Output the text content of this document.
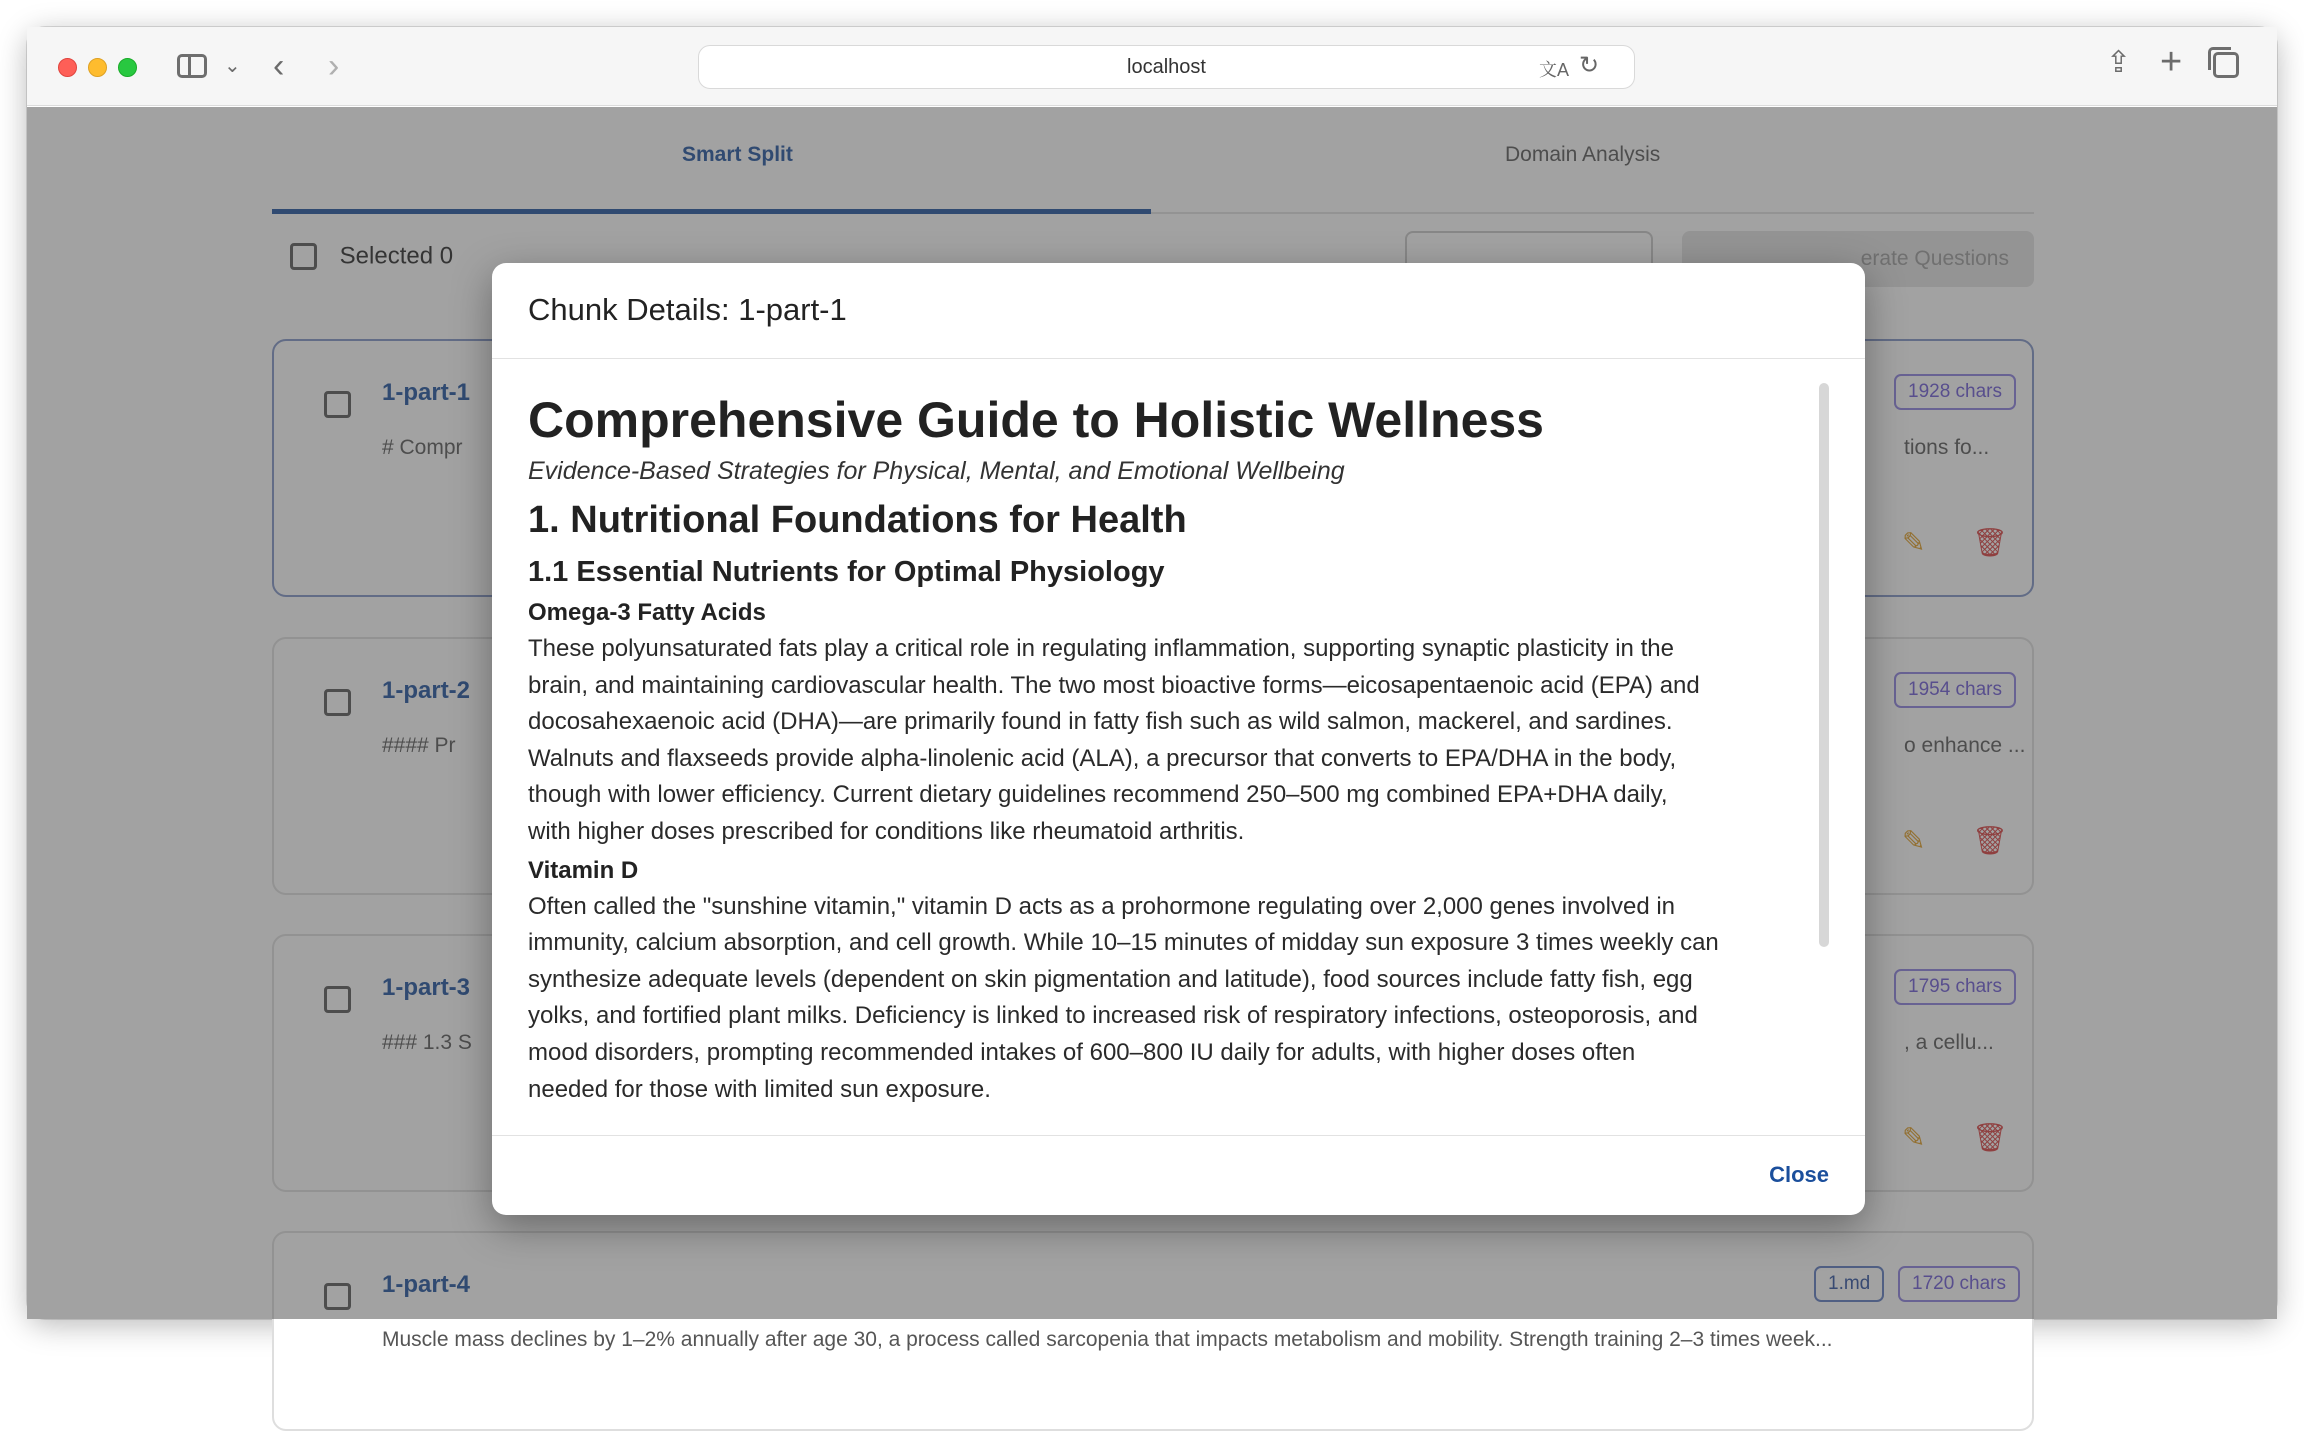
⌄ ‹ ›	localhost	文A ↻	⇪ +
Muscle mass declines by 1–2% annually after age 30, a process called sarcopenia that impacts metabolism and mobility. Strength training 2–3 times week...
Chunk Details: 1-part-1
Comprehensive Guide to Holistic Wellness
Evidence-Based Strategies for Physical, Mental, and Emotional Wellbeing
1. Nutritional Foundations for Health
1.1 Essential Nutrients for Optimal Physiology
Omega-3 Fatty Acids
These polyunsaturated fats play a critical role in regulating inflammation, supporting synaptic plasticity in the
brain, and maintaining cardiovascular health. The two most bioactive forms—eicosapentaenoic acid (EPA) and
docosahexaenoic acid (DHA)—are primarily found in fatty fish such as wild salmon, mackerel, and sardines.
Walnuts and flaxseeds provide alpha-linolenic acid (ALA), a precursor that converts to EPA/DHA in the body,
though with lower efficiency. Current dietary guidelines recommend 250–500 mg combined EPA+DHA daily,
with higher doses prescribed for conditions like rheumatoid arthritis.
Vitamin D
Often called the "sunshine vitamin," vitamin D acts as a prohormone regulating over 2,000 genes involved in
immunity, calcium absorption, and cell growth. While 10–15 minutes of midday sun exposure 3 times weekly can
synthesize adequate levels (dependent on skin pigmentation and latitude), food sources include fatty fish, egg
yolks, and fortified plant milks. Deficiency is linked to increased risk of respiratory infections, osteoporosis, and
mood disorders, prompting recommended intakes of 600–800 IU daily for adults, with higher doses often
needed for those with limited sun exposure.
Close
